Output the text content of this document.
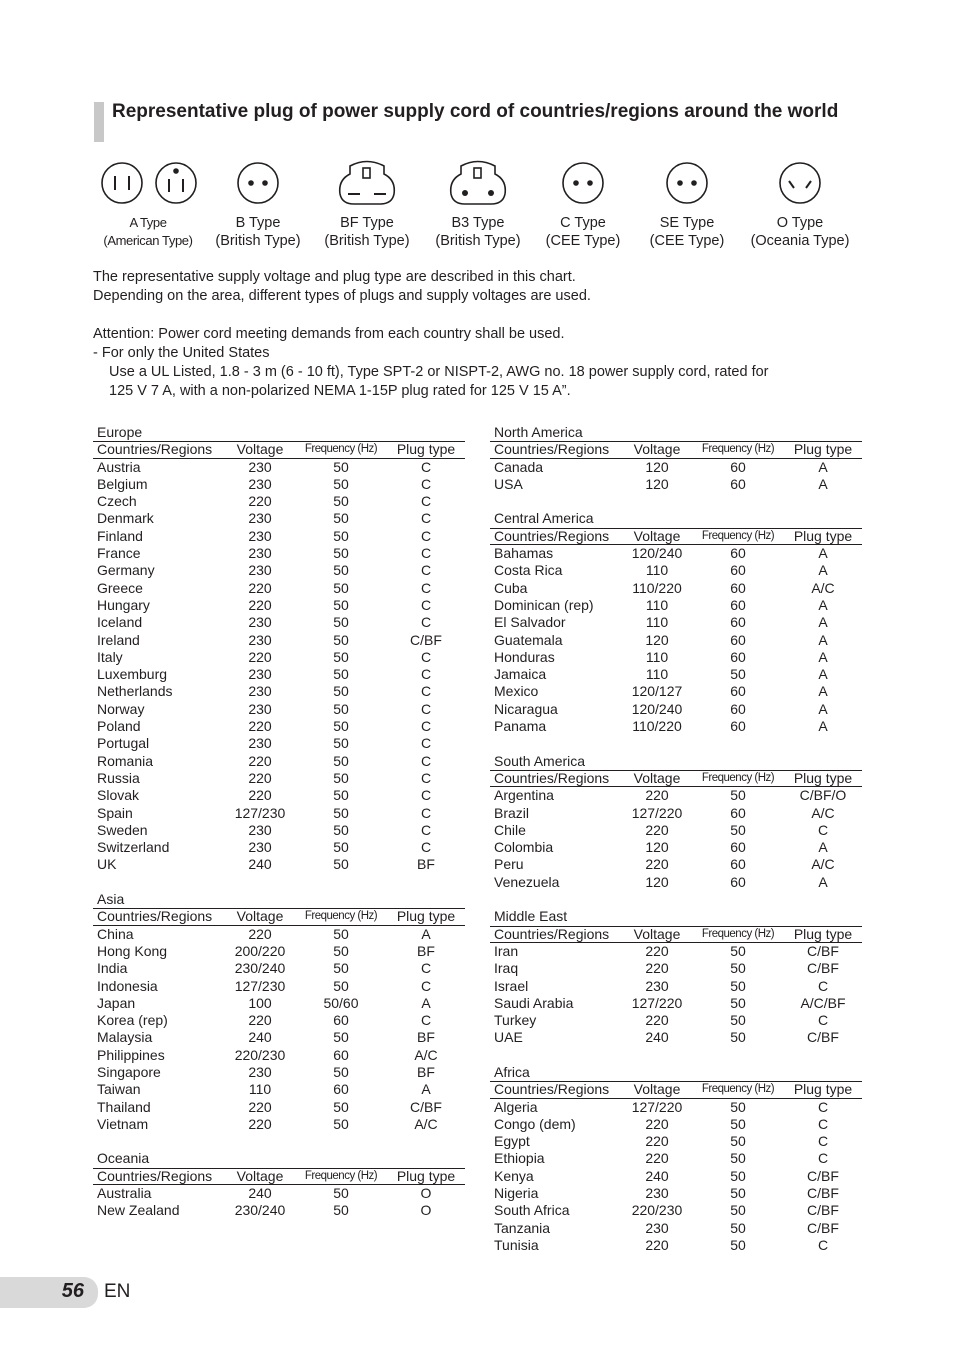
Representative plug of power supply cord of countries/regions around the world
A Type
(American Type)
B Type
(British Type)
BF Type
(British Type)
B3 Type
(British Type)
C Type
(CEE Type)
SE Type
(CEE Type)
O Type
(Oceania Type)
The representative supply voltage and plug type are described in this chart.
Depending on the area, different types of plugs and supply voltages are used.
Attention: Power cord meeting demands from each country shall be used.
- For only the United States
Use a UL Listed, 1.8 - 3 m (6 - 10 ft), Type SPT-2 or NISPT-2, AWG no. 18 power supply cord, rated for
125 V 7 A, with a non-polarized NEMA 1-15P plug rated for 125 V 15 A”.
Europe
Countries/Regions	Voltage	Frequency (Hz)	Plug type
Austria	230	50	C
Belgium	230	50	C
Czech	220	50	C
Denmark	230	50	C
Finland	230	50	C
France	230	50	C
Germany	230	50	C
Greece	220	50	C
Hungary	220	50	C
Iceland	230	50	C
Ireland	230	50	C/BF
Italy	220	50	C
Luxemburg	230	50	C
Netherlands	230	50	C
Norway	230	50	C
Poland	220	50	C
Portugal	230	50	C
Romania	220	50	C
Russia	220	50	C
Slovak	220	50	C
Spain	127/230	50	C
Sweden	230	50	C
Switzerland	230	50	C
UK	240	50	BF
Asia
Countries/Regions	Voltage	Frequency (Hz)	Plug type
China	220	50	A
Hong Kong	200/220	50	BF
India	230/240	50	C
Indonesia	127/230	50	C
Japan	100	50/60	A
Korea (rep)	220	60	C
Malaysia	240	50	BF
Philippines	220/230	60	A/C
Singapore	230	50	BF
Taiwan	110	60	A
Thailand	220	50	C/BF
Vietnam	220	50	A/C
Oceania
Countries/Regions	Voltage	Frequency (Hz)	Plug type
Australia	240	50	O
New Zealand	230/240	50	O
North America
Countries/Regions	Voltage	Frequency (Hz)	Plug type
Canada	120	60	A
USA	120	60	A
Central America
Countries/Regions	Voltage	Frequency (Hz)	Plug type
Bahamas	120/240	60	A
Costa Rica	110	60	A
Cuba	110/220	60	A/C
Dominican (rep)	110	60	A
El Salvador	110	60	A
Guatemala	120	60	A
Honduras	110	60	A
Jamaica	110	50	A
Mexico	120/127	60	A
Nicaragua	120/240	60	A
Panama	110/220	60	A
South America
Countries/Regions	Voltage	Frequency (Hz)	Plug type
Argentina	220	50	C/BF/O
Brazil	127/220	60	A/C
Chile	220	50	C
Colombia	120	60	A
Peru	220	60	A/C
Venezuela	120	60	A
Middle East
Countries/Regions	Voltage	Frequency (Hz)	Plug type
Iran	220	50	C/BF
Iraq	220	50	C/BF
Israel	230	50	C
Saudi Arabia	127/220	50	A/C/BF
Turkey	220	50	C
UAE	240	50	C/BF
Africa
Countries/Regions	Voltage	Frequency (Hz)	Plug type
Algeria	127/220	50	C
Congo (dem)	220	50	C
Egypt	220	50	C
Ethiopia	220	50	C
Kenya	240	50	C/BF
Nigeria	230	50	C/BF
South Africa	220/230	50	C/BF
Tanzania	230	50	C/BF
Tunisia	220	50	C
56 EN
